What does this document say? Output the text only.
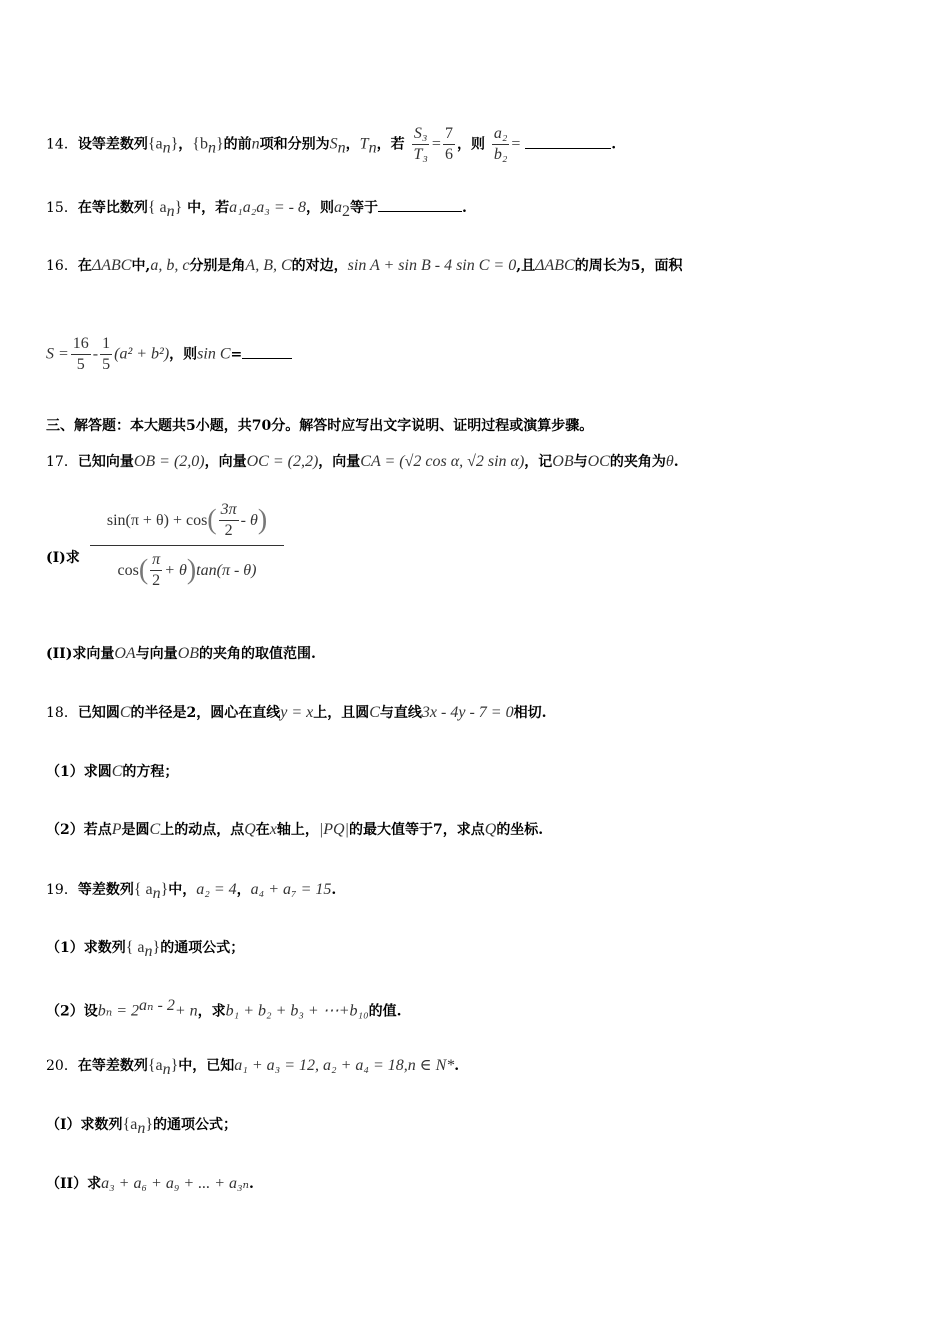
14．设等差数列$\{a_n\}$，$\{b_n\}$的前n项和分别为$S_n$，$T_n$，若 $\frac{\text{S₃}}{\text{T₃}} = \frac{7}{6}$ ，则 $\frac{\text{a₂}}{\text{b₂}}$ =	.
15．在等比数列{ $a_n$} 中，若a₁a₂a₃ = - 8，则$a_2$等于	.
16．在ΔABC中,a, b, c分别是角A, B, C的对边，sin A + sin B - 4 sin C = 0,且ΔABC的周长为5，面积
$S = \frac{16}{5} - \frac{1}{5} (a^2 + b^2)$，则sin C=
三、解答题：本大题共5小题，共70分。解答时应写出文字说明、证明过程或演算步骤。
17．已知向量OB = (2,0)，向量OC = (2,2)，向量CA = (√2 cos α, √2 sin α)，记OB与OC的夹角为θ.
(I)求 $\frac{\sin(\pi + \theta) + \cos( \frac{3\pi}{2} - \theta)}{\cos( \frac{\pi}{2} + \theta)\tan(\pi - \theta)}$
(II)求向量OA与向量OB的夹角的取值范围.
18．已知圆C的半径是2，圆心在直线y = x上，且圆C与直线3x - 4y - 7 = 0相切.
（1）求圆C的方程；
（2）若点P是圆C上的动点，点Q在x轴上，|PQ|的最大值等于7，求点Q的坐标.
19．等差数列{ $a_n$}中，a₂ = 4，a₄ + a₇ = 15.
（1）求数列{ $a_n$}的通项公式；
（2）设$b_n = 2^{a_n - 2}+ n$，求b₁ + b₂ + b₃ + ⋯+b₁₀的值.
20．在等差数列$\{a_n\}$中，已知a₁ + a₃ = 12, a₂ + a₄ = 18,n ∈ N*.
（I）求数列$\{a_n\}$的通项公式；
（II）求a₃ + a₆ + a₉ + ... + a₃ₙ.
